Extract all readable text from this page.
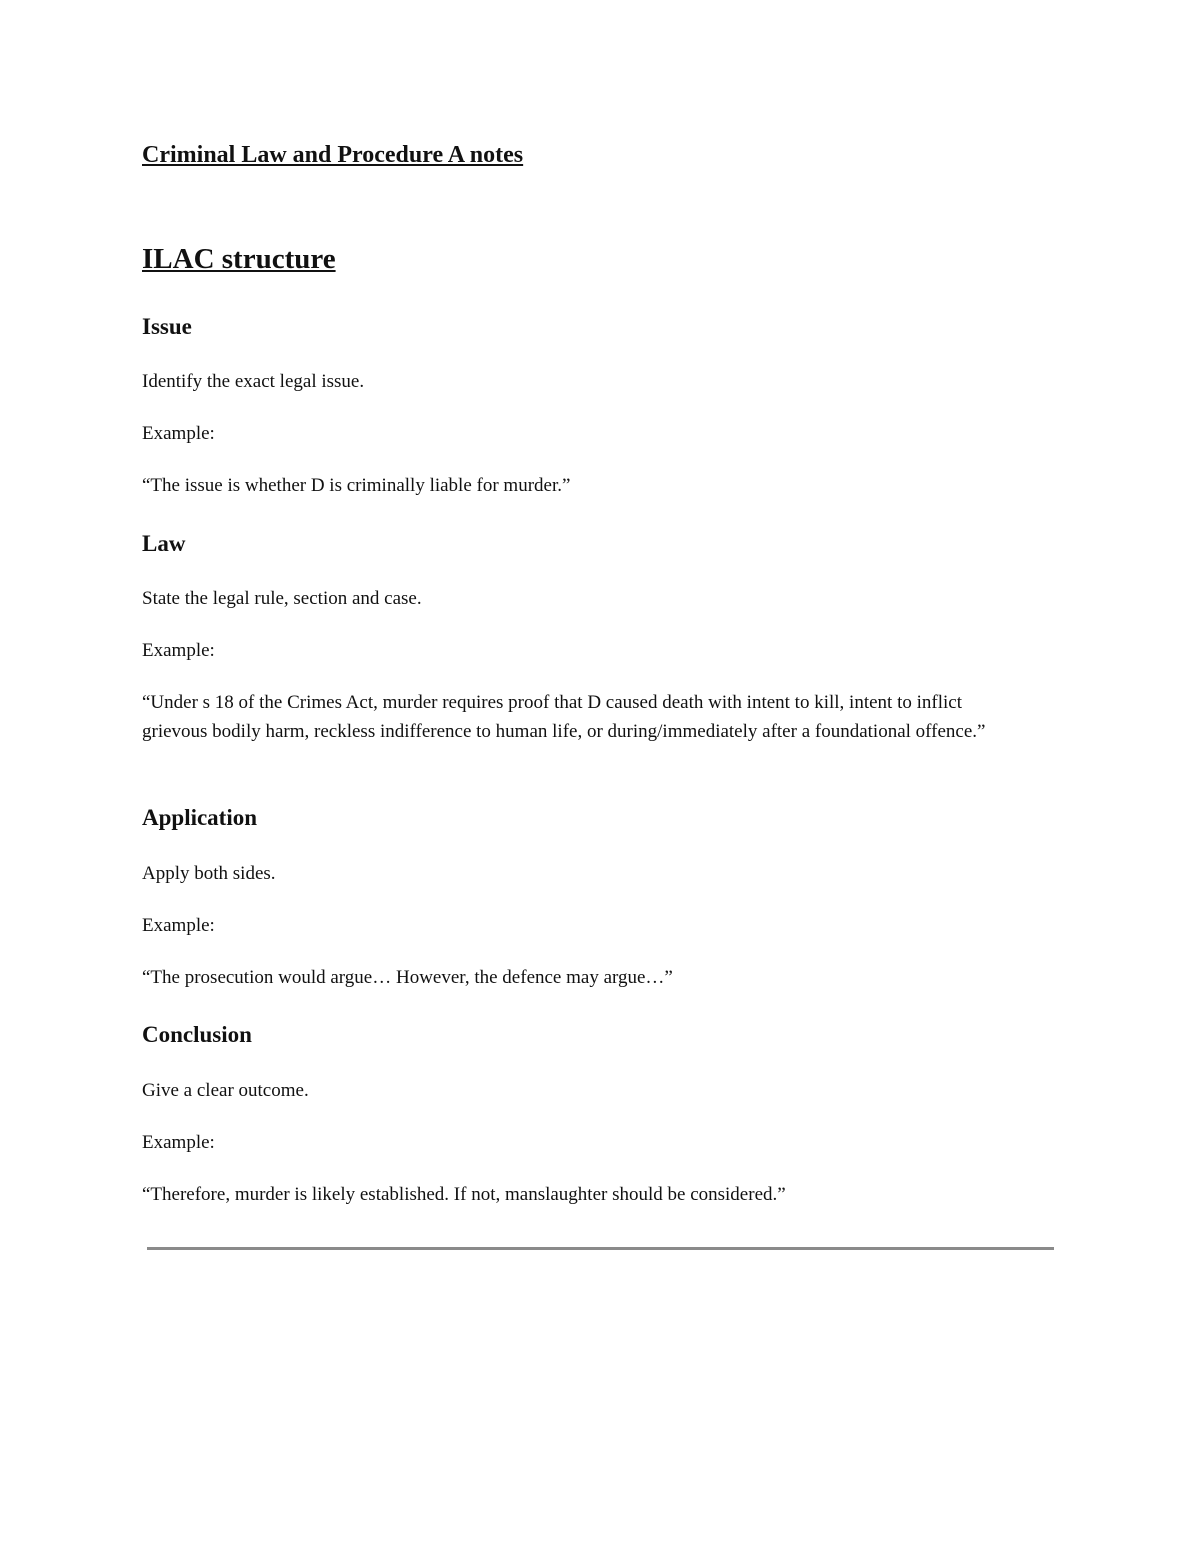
Criminal Law and Procedure A notes
ILAC structure
Issue

Identify the exact legal issue.

Example:

“The issue is whether D is criminally liable for murder.”

Law

State the legal rule, section and case.

Example:

“Under s 18 of the Crimes Act, murder requires proof that D caused death with intent to kill, intent to inflict grievous bodily harm, reckless indifference to human life, or during/immediately after a foundational offence.”

Application

Apply both sides.

Example:

“The prosecution would argue… However, the defence may argue…”

Conclusion

Give a clear outcome.

Example:

“Therefore, murder is likely established. If not, manslaughter should be considered.”
